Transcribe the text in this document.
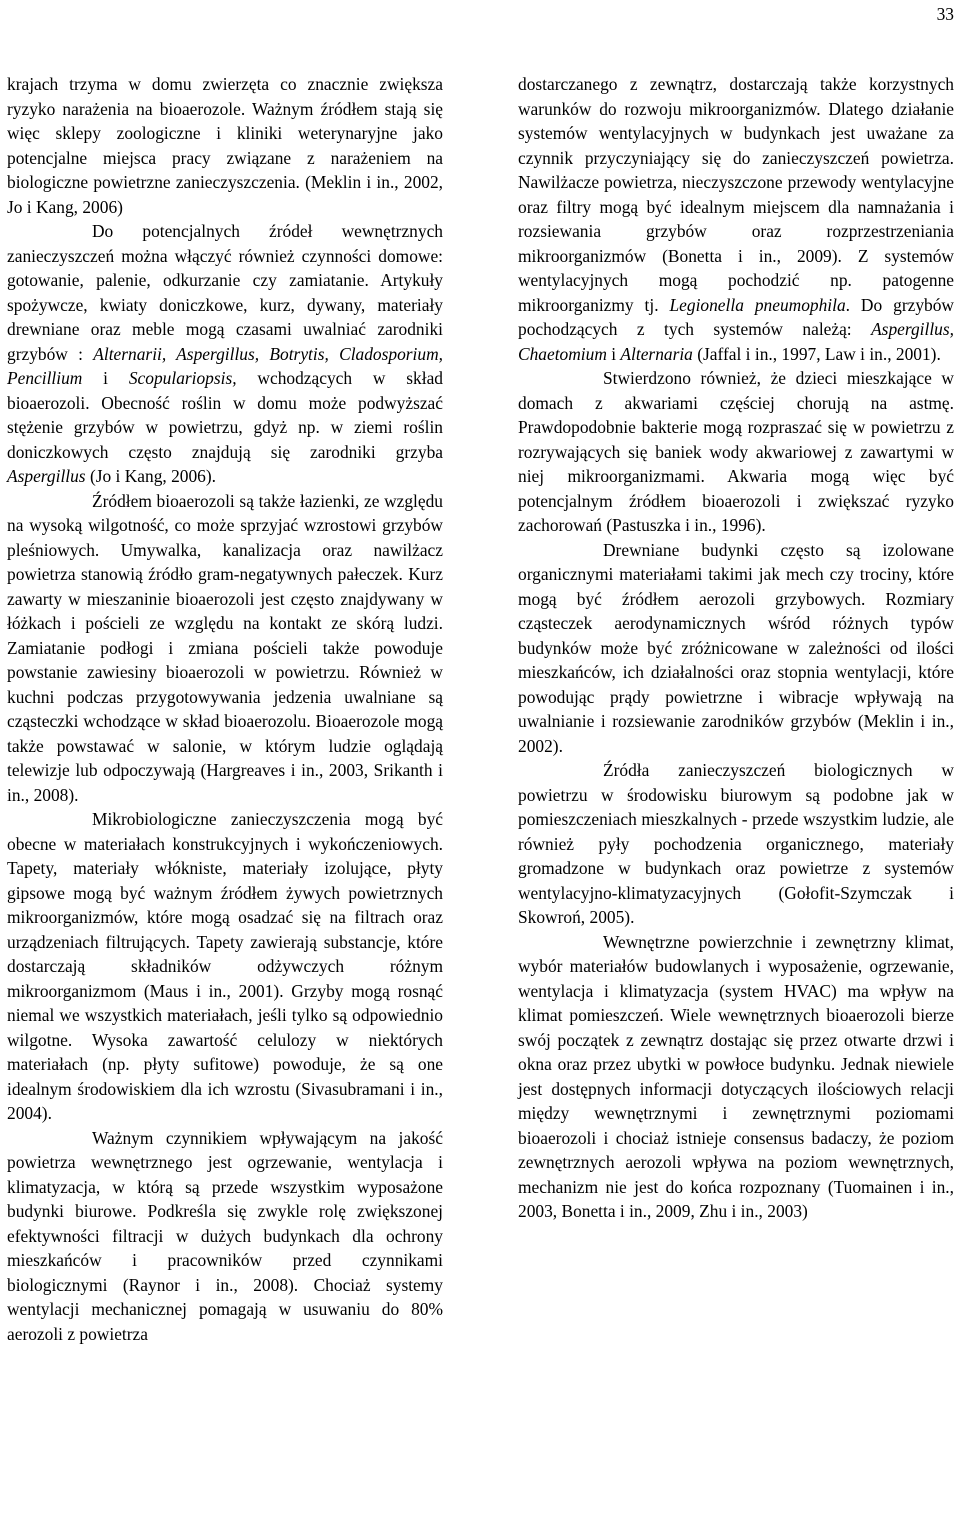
33

krajach trzyma w domu zwierzęta co znacznie zwiększa ryzyko narażenia na bioaerozole. Ważnym źródłem stają się więc sklepy zoologiczne i kliniki weterynaryjne jako potencjalne miejsca pracy związane z narażeniem na biologiczne powietrzne zanieczyszczenia. (Meklin i in., 2002, Jo i Kang, 2006)

Do potencjalnych źródeł wewnętrznych zanieczyszczeń można włączyć również czynności domowe: gotowanie, palenie, odkurzanie czy zamiatanie. Artykuły spożywcze, kwiaty doniczkowe, kurz, dywany, materiały drewniane oraz meble mogą czasami uwalniać zarodniki grzybów : Alternarii, Aspergillus, Botrytis, Cladosporium, Pencillium i Scopulariopsis, wchodzących w skład bioaerozoli. Obecność roślin w domu może podwyższać stężenie grzybów w powietrzu, gdyż np. w ziemi roślin doniczkowych często znajdują się zarodniki grzyba Aspergillus (Jo i Kang, 2006).

Źródłem bioaerozoli są także łazienki, ze względu na wysoką wilgotność, co może sprzyjać wzrostowi grzybów pleśniowych. Umywalka, kanalizacja oraz nawilżacz powietrza stanowią źródło gram-negatywnych pałeczek. Kurz zawarty w mieszaninie bioaerozoli jest często znajdywany w łóżkach i pościeli ze względu na kontakt ze skórą ludzi. Zamiatanie podłogi i zmiana pościeli także powoduje powstanie zawiesiny bioaerozoli w powietrzu. Również w kuchni podczas przygotowywania jedzenia uwalniane są cząsteczki wchodzące w skład bioaerozolu. Bioaerozole mogą także powstawać w salonie, w którym ludzie oglądają telewizje lub odpoczywają (Hargreaves i in., 2003, Srikanth i in., 2008).

Mikrobiologiczne zanieczyszczenia mogą być obecne w materiałach konstrukcyjnych i wykończeniowych. Tapety, materiały włókniste, materiały izolujące, płyty gipsowe mogą być ważnym źródłem żywych powietrznych mikroorganizmów, które mogą osadzać się na filtrach oraz urządzeniach filtrujących. Tapety zawierają substancje, które dostarczają składników odżywczych różnym mikroorganizmom (Maus i in., 2001). Grzyby mogą rosnąć niemal we wszystkich materiałach, jeśli tylko są odpowiednio wilgotne. Wysoka zawartość celulozy w niektórych materiałach (np. płyty sufitowe) powoduje, że są one idealnym środowiskiem dla ich wzrostu (Sivasubramani i in., 2004).

Ważnym czynnikiem wpływającym na jakość powietrza wewnętrznego jest ogrzewanie, wentylacja i klimatyzacja, w którą są przede wszystkim wyposażone budynki biurowe. Podkreśla się zwykle rolę zwiększonej efektywności filtracji w dużych budynkach dla ochrony mieszkańców i pracowników przed czynnikami biologicznymi (Raynor i in., 2008). Chociaż systemy wentylacji mechanicznej pomagają w usuwaniu do 80% aerozoli z powietrza

dostarczanego z zewnątrz, dostarczają także korzystnych warunków do rozwoju mikroorganizmów. Dlatego działanie systemów wentylacyjnych w budynkach jest uważane za czynnik przyczyniający się do zanieczyszczeń powietrza. Nawilżacze powietrza, nieczyszczone przewody wentylacyjne oraz filtry mogą być idealnym miejscem dla namnażania i rozsiewania grzybów oraz rozprzestrzeniania mikroorganizmów (Bonetta i in., 2009). Z systemów wentylacyjnych mogą pochodzić np. patogenne mikroorganizmy tj. Legionella pneumophila. Do grzybów pochodzących z tych systemów należą: Aspergillus, Chaetomium i Alternaria (Jaffal i in., 1997, Law i in., 2001).

Stwierdzono również, że dzieci mieszkające w domach z akwariami częściej chorują na astmę. Prawdopodobnie bakterie mogą rozpraszać się w powietrzu z rozrywających się baniek wody akwariowej z zawartymi w niej mikroorganizmami. Akwaria mogą więc być potencjalnym źródłem bioaerozoli i zwiększać ryzyko zachorowań (Pastuszka i in., 1996).

Drewniane budynki często są izolowane organicznymi materiałami takimi jak mech czy trociny, które mogą być źródłem aerozoli grzybowych. Rozmiary cząsteczek aerodynamicznych wśród różnych typów budynków może być zróżnicowane w zależności od ilości mieszkańców, ich działalności oraz stopnia wentylacji, które powodując prądy powietrzne i wibracje wpływają na uwalnianie i rozsiewanie zarodników grzybów (Meklin i in., 2002).

Źródła zanieczyszczeń biologicznych w powietrzu w środowisku biurowym są podobne jak w pomieszczeniach mieszkalnych - przede wszystkim ludzie, ale również pyły pochodzenia organicznego, materiały gromadzone w budynkach oraz powietrze z systemów wentylacyjno-klimatyzacyjnych (Gołofit-Szymczak i Skowroń, 2005).

Wewnętrzne powierzchnie i zewnętrzny klimat, wybór materiałów budowlanych i wyposażenie, ogrzewanie, wentylacja i klimatyzacja (system HVAC) ma wpływ na klimat pomieszczeń. Wiele wewnętrznych bioaerozoli bierze swój początek z zewnątrz dostając się przez otwarte drzwi i okna oraz przez ubytki w powłoce budynku. Jednak niewiele jest dostępnych informacji dotyczących ilościowych relacji między wewnętrznymi i zewnętrznymi poziomami bioaerozoli i chociaż istnieje consensus badaczy, że poziom zewnętrznych aerozoli wpływa na poziom wewnętrznych, mechanizm nie jest do końca rozpoznany (Tuomainen i in., 2003, Bonetta i in., 2009, Zhu i in., 2003)
